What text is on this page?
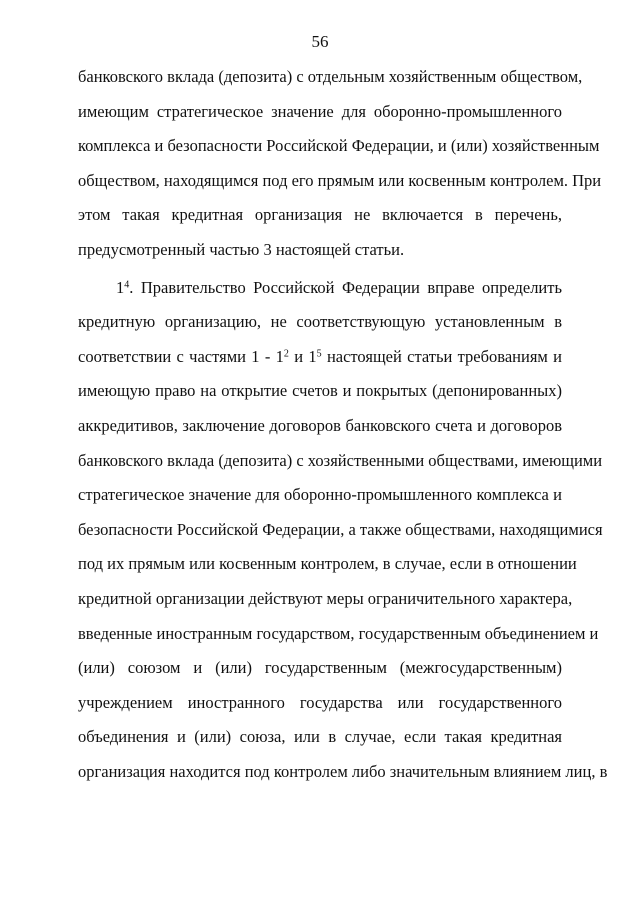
56
банковского вклада (депозита) с отдельным хозяйственным обществом,
имеющим стратегическое значение для оборонно-промышленного
комплекса и безопасности Российской Федерации, и (или) хозяйственным
обществом, находящимся под его прямым или косвенным контролем. При
этом такая кредитная организация не включается в перечень,
предусмотренный частью 3 настоящей статьи.
$1^4$. Правительство Российской Федерации вправе определить
кредитную организацию, не соответствующую установленным в
соответствии с частями $1 - 1^2$ и $1^5$ настоящей статьи требованиям и
имеющую право на открытие счетов и покрытых (депонированных)
аккредитивов, заключение договоров банковского счета и договоров
банковского вклада (депозита) с хозяйственными обществами, имеющими
стратегическое значение для оборонно-промышленного комплекса и
безопасности Российской Федерации, а также обществами, находящимися
под их прямым или косвенным контролем, в случае, если в отношении
кредитной организации действуют меры ограничительного характера,
введенные иностранным государством, государственным объединением и
(или) союзом и (или) государственным (межгосударственным)
учреждением иностранного государства или государственного
объединения и (или) союза, или в случае, если такая кредитная
организация находится под контролем либо значительным влиянием лиц, в
